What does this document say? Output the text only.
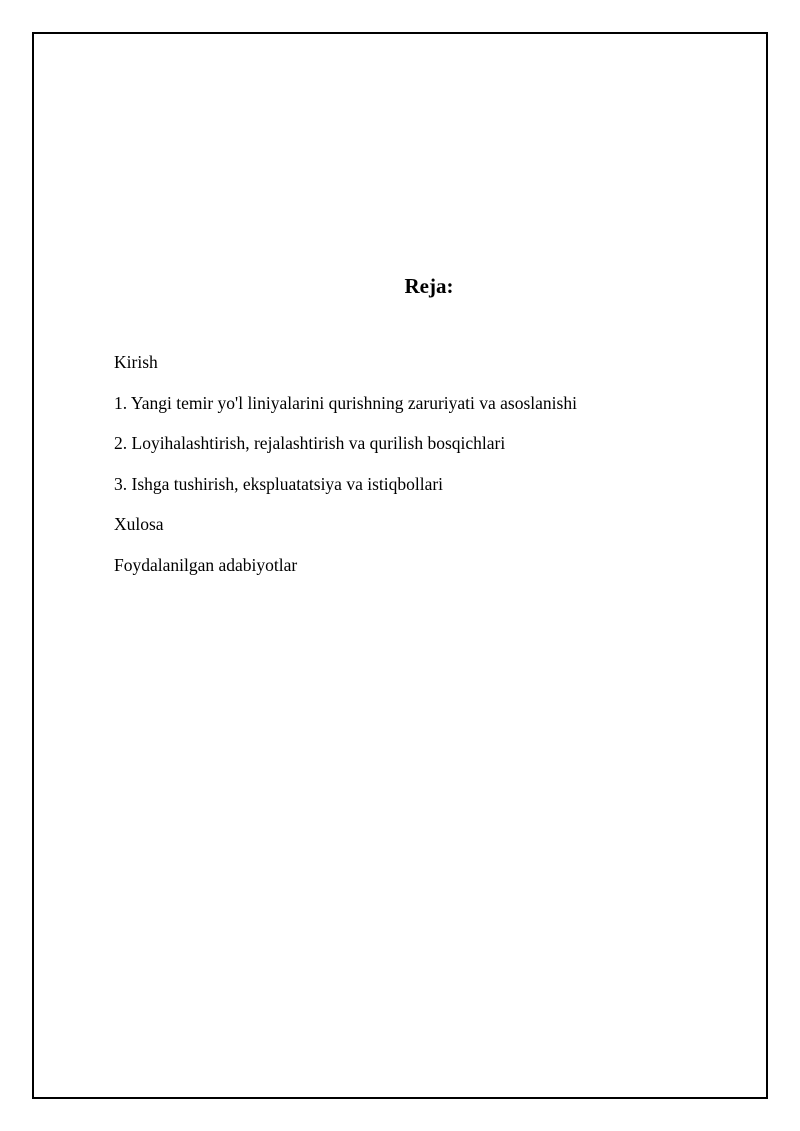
Reja:
Kirish
1. Yangi temir yo'l liniyalarini qurishning zaruriyati va asoslanishi
2. Loyihalashtirish, rejalashtirish va qurilish bosqichlari
3. Ishga tushirish, ekspluatatsiya va istiqbollari
Xulosa
Foydalanilgan adabiyotlar
